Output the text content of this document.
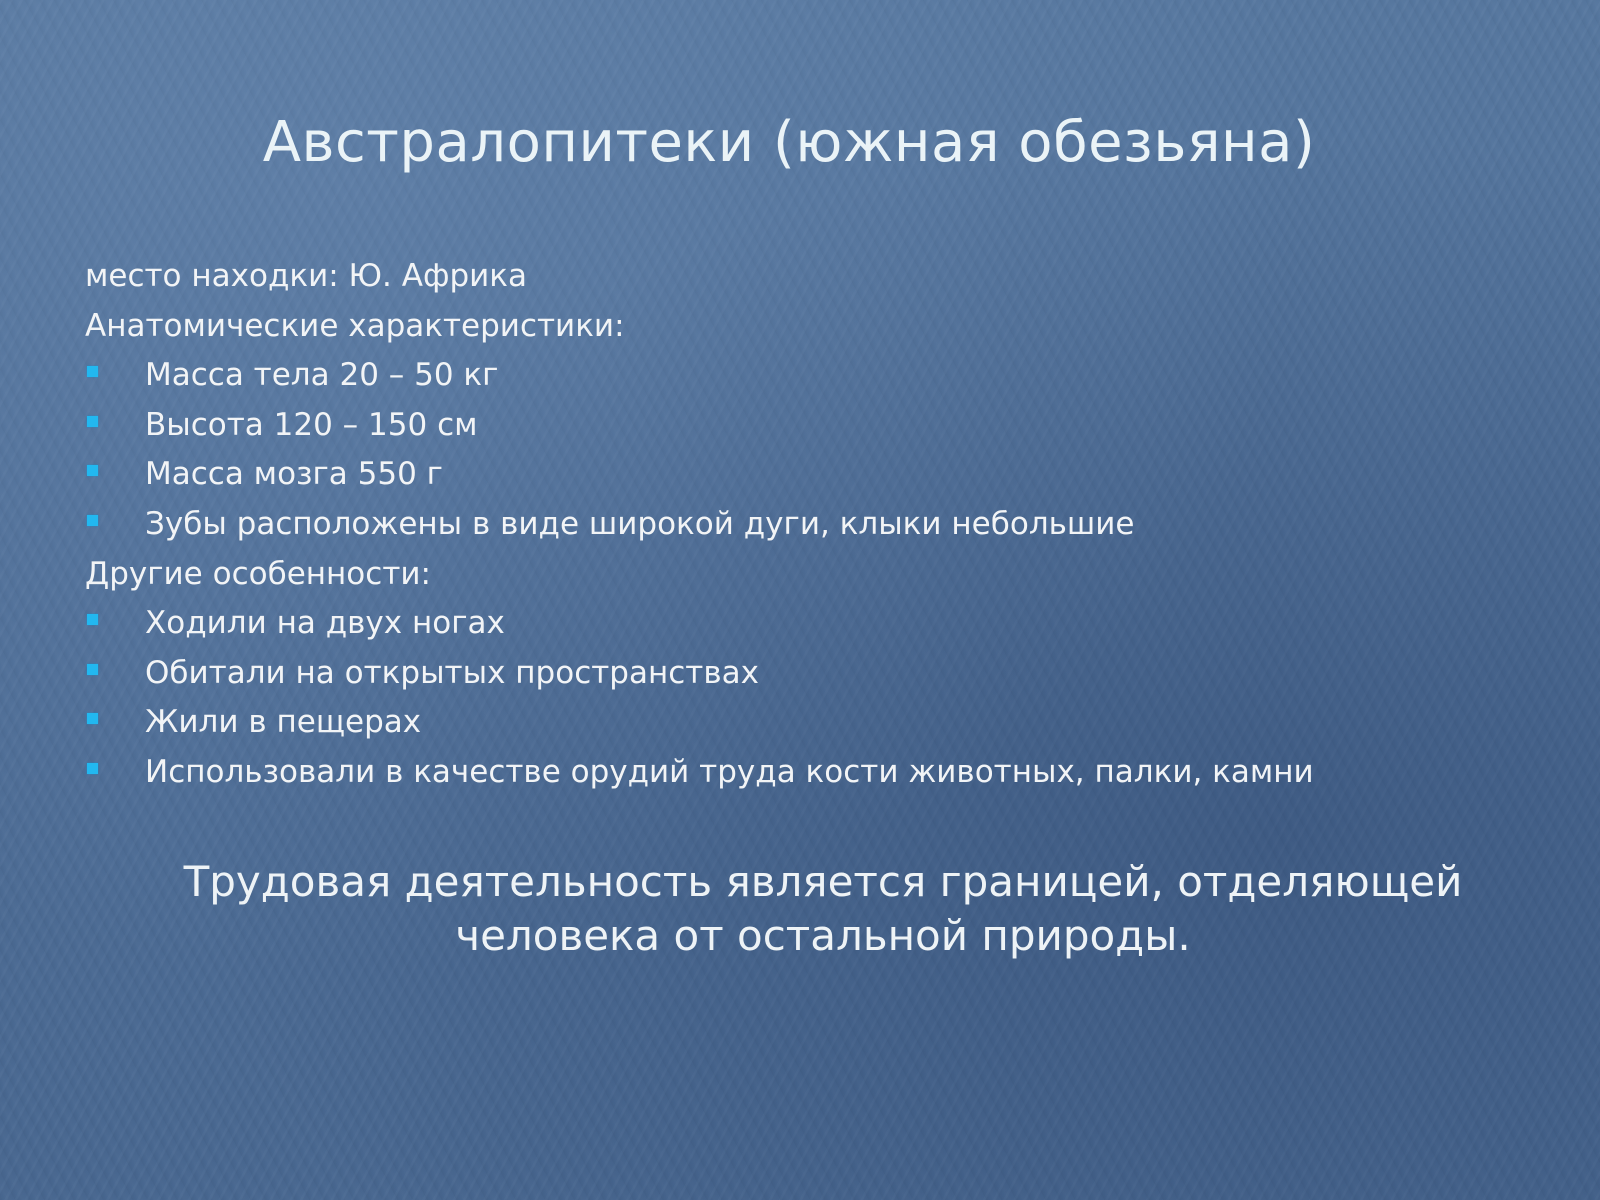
Австралопитеки (южная обезьяна)
место находки: Ю. Африка
Анатомические характеристики:
Масса тела 20 – 50 кг
Высота 120 – 150 см
Масса мозга 550 г
Зубы расположены в виде широкой дуги, клыки небольшие
Другие особенности:
Ходили на двух ногах
Обитали на открытых пространствах
Жили в пещерах
Использовали в качестве орудий труда кости животных, палки, камни
Трудовая деятельность является границей, отделяющей
человека от остальной природы.
